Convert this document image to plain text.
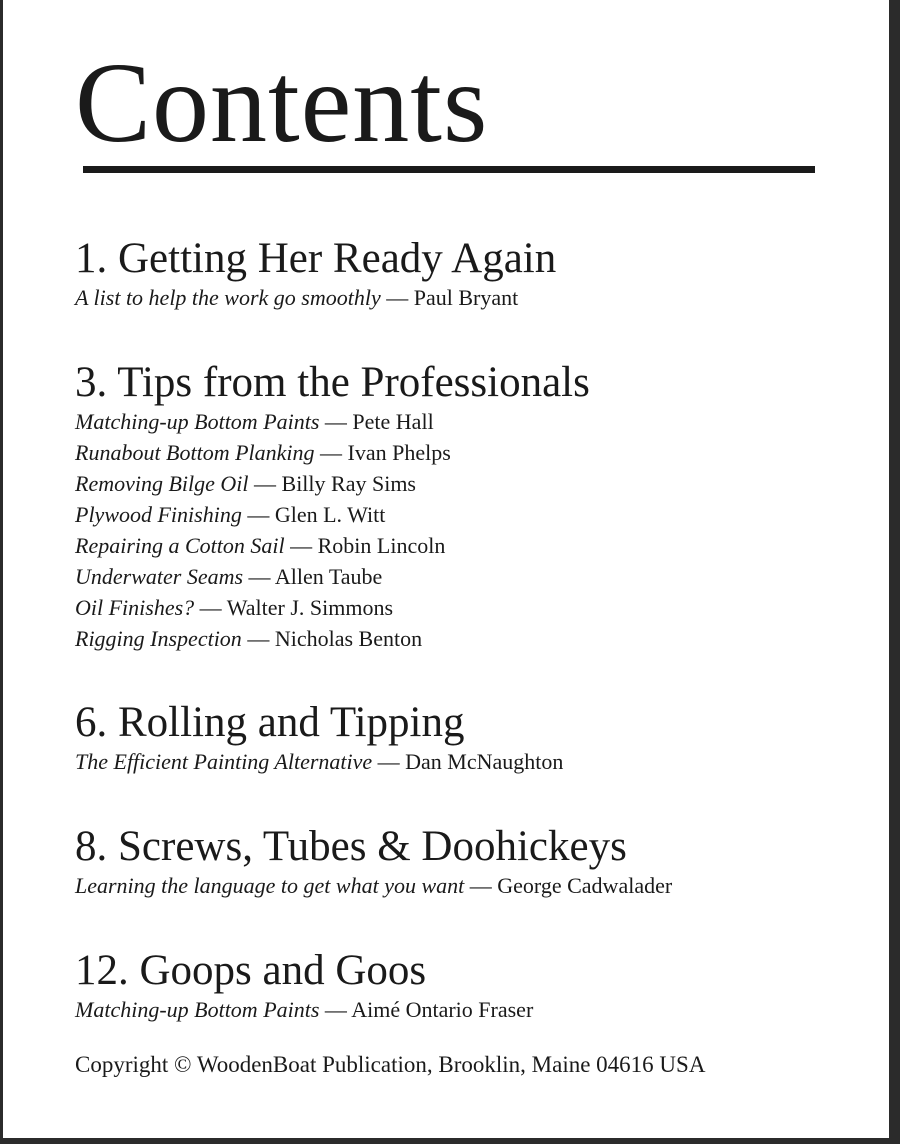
Contents
1. Getting Her Ready Again
A list to help the work go smoothly — Paul Bryant
3. Tips from the Professionals
Matching-up Bottom Paints — Pete Hall
Runabout Bottom Planking — Ivan Phelps
Removing Bilge Oil — Billy Ray Sims
Plywood Finishing — Glen L. Witt
Repairing a Cotton Sail — Robin Lincoln
Underwater Seams — Allen Taube
Oil Finishes? — Walter J. Simmons
Rigging Inspection — Nicholas Benton
6. Rolling and Tipping
The Efficient Painting Alternative — Dan McNaughton
8. Screws, Tubes & Doohickeys
Learning the language to get what you want — George Cadwalader
12. Goops and Goos
Matching-up Bottom Paints — Aimé Ontario Fraser
Copyright © WoodenBoat Publication, Brooklin, Maine 04616 USA
